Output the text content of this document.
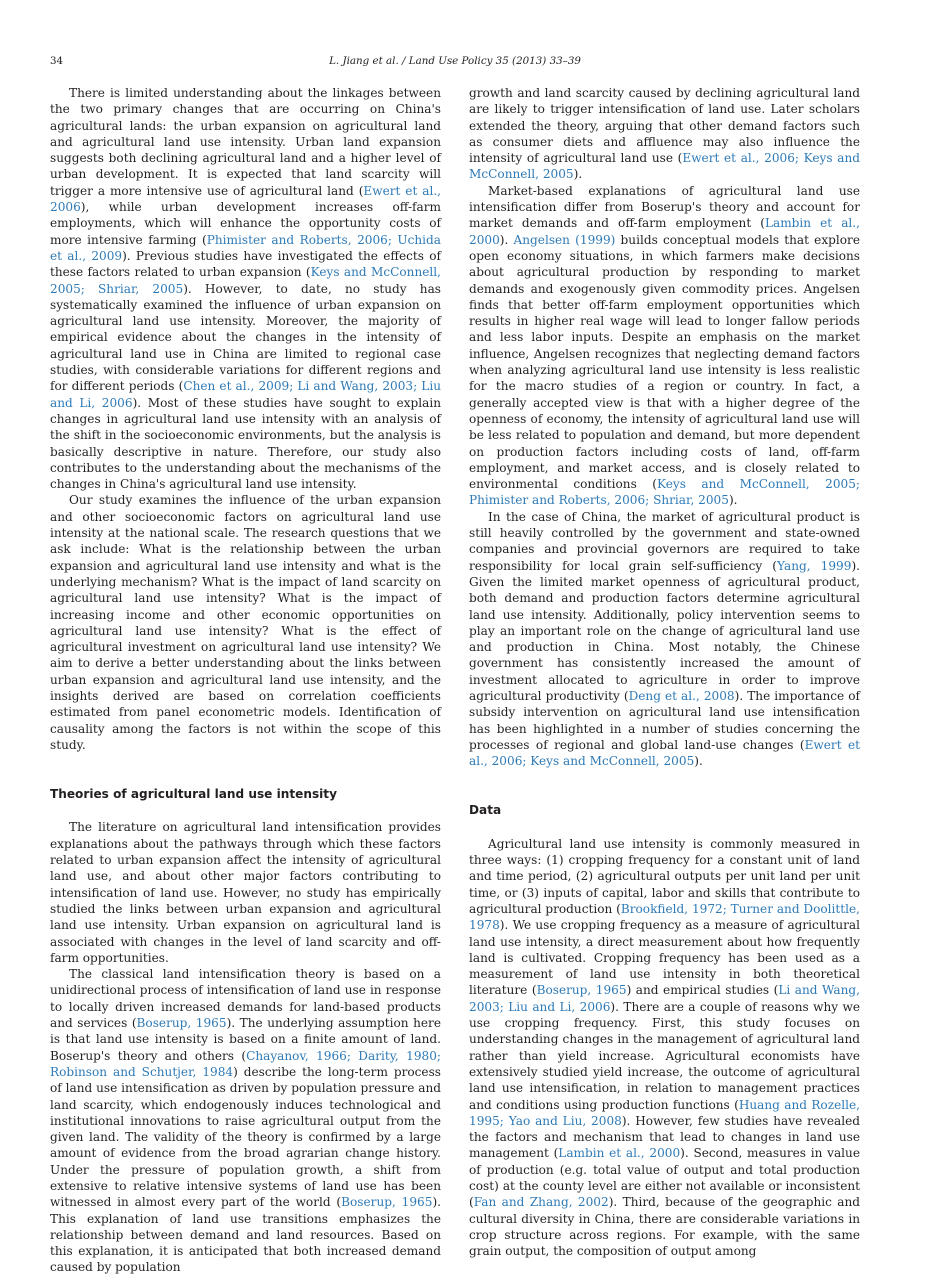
34	L. Jiang et al. / Land Use Policy 35 (2013) 33–39

There is limited understanding about the linkages between the two primary changes that are occurring on China's agricultural lands: the urban expansion on agricultural land and agricultural land use intensity. Urban land expansion suggests both declining agricultural land and a higher level of urban development. It is expected that land scarcity will trigger a more intensive use of agricultural land (Ewert et al., 2006), while urban development increases off-farm employments, which will enhance the opportunity costs of more intensive farming (Phimister and Roberts, 2006; Uchida et al., 2009). Previous studies have investigated the effects of these factors related to urban expansion (Keys and McConnell, 2005; Shriar, 2005). However, to date, no study has systematically examined the influence of urban expansion on agricultural land use intensity. Moreover, the majority of empirical evidence about the changes in the intensity of agricultural land use in China are limited to regional case studies, with considerable variations for different regions and for different periods (Chen et al., 2009; Li and Wang, 2003; Liu and Li, 2006). Most of these studies have sought to explain changes in agricultural land use intensity with an analysis of the shift in the socioeconomic environments, but the analysis is basically descriptive in nature. Therefore, our study also contributes to the understanding about the mechanisms of the changes in China's agricultural land use intensity.

Our study examines the influence of the urban expansion and other socioeconomic factors on agricultural land use intensity at the national scale. The research questions that we ask include: What is the relationship between the urban expansion and agricultural land use intensity and what is the underlying mechanism? What is the impact of land scarcity on agricultural land use intensity? What is the impact of increasing income and other economic opportunities on agricultural land use intensity? What is the effect of agricultural investment on agricultural land use intensity? We aim to derive a better understanding about the links between urban expansion and agricultural land use intensity, and the insights derived are based on correlation coefficients estimated from panel econometric models. Identification of causality among the factors is not within the scope of this study.

Theories of agricultural land use intensity

The literature on agricultural land intensification provides explanations about the pathways through which these factors related to urban expansion affect the intensity of agricultural land use, and about other major factors contributing to intensification of land use. However, no study has empirically studied the links between urban expansion and agricultural land use intensity. Urban expansion on agricultural land is associated with changes in the level of land scarcity and off-farm opportunities.

The classical land intensification theory is based on a unidirectional process of intensification of land use in response to locally driven increased demands for land-based products and services (Boserup, 1965). The underlying assumption here is that land use intensity is based on a finite amount of land. Boserup's theory and others (Chayanov, 1966; Darity, 1980; Robinson and Schutjer, 1984) describe the long-term process of land use intensification as driven by population pressure and land scarcity, which endogenously induces technological and institutional innovations to raise agricultural output from the given land. The validity of the theory is confirmed by a large amount of evidence from the broad agrarian change history. Under the pressure of population growth, a shift from extensive to relative intensive systems of land use has been witnessed in almost every part of the world (Boserup, 1965). This explanation of land use transitions emphasizes the relationship between demand and land resources. Based on this explanation, it is anticipated that both increased demand caused by population

growth and land scarcity caused by declining agricultural land are likely to trigger intensification of land use. Later scholars extended the theory, arguing that other demand factors such as consumer diets and affluence may also influence the intensity of agricultural land use (Ewert et al., 2006; Keys and McConnell, 2005).

Market-based explanations of agricultural land use intensification differ from Boserup's theory and account for market demands and off-farm employment (Lambin et al., 2000). Angelsen (1999) builds conceptual models that explore open economy situations, in which farmers make decisions about agricultural production by responding to market demands and exogenously given commodity prices. Angelsen finds that better off-farm employment opportunities which results in higher real wage will lead to longer fallow periods and less labor inputs. Despite an emphasis on the market influence, Angelsen recognizes that neglecting demand factors when analyzing agricultural land use intensity is less realistic for the macro studies of a region or country. In fact, a generally accepted view is that with a higher degree of the openness of economy, the intensity of agricultural land use will be less related to population and demand, but more dependent on production factors including costs of land, off-farm employment, and market access, and is closely related to environmental conditions (Keys and McConnell, 2005; Phimister and Roberts, 2006; Shriar, 2005).

In the case of China, the market of agricultural product is still heavily controlled by the government and state-owned companies and provincial governors are required to take responsibility for local grain self-sufficiency (Yang, 1999). Given the limited market openness of agricultural product, both demand and production factors determine agricultural land use intensity. Additionally, policy intervention seems to play an important role on the change of agricultural land use and production in China. Most notably, the Chinese government has consistently increased the amount of investment allocated to agriculture in order to improve agricultural productivity (Deng et al., 2008). The importance of subsidy intervention on agricultural land use intensification has been highlighted in a number of studies concerning the processes of regional and global land-use changes (Ewert et al., 2006; Keys and McConnell, 2005).

Data

Agricultural land use intensity is commonly measured in three ways: (1) cropping frequency for a constant unit of land and time period, (2) agricultural outputs per unit land per unit time, or (3) inputs of capital, labor and skills that contribute to agricultural production (Brookfield, 1972; Turner and Doolittle, 1978). We use cropping frequency as a measure of agricultural land use intensity, a direct measurement about how frequently land is cultivated. Cropping frequency has been used as a measurement of land use intensity in both theoretical literature (Boserup, 1965) and empirical studies (Li and Wang, 2003; Liu and Li, 2006). There are a couple of reasons why we use cropping frequency. First, this study focuses on understanding changes in the management of agricultural land rather than yield increase. Agricultural economists have extensively studied yield increase, the outcome of agricultural land use intensification, in relation to management practices and conditions using production functions (Huang and Rozelle, 1995; Yao and Liu, 2008). However, few studies have revealed the factors and mechanism that lead to changes in land use management (Lambin et al., 2000). Second, measures in value of production (e.g. total value of output and total production cost) at the county level are either not available or inconsistent (Fan and Zhang, 2002). Third, because of the geographic and cultural diversity in China, there are considerable variations in crop structure across regions. For example, with the same grain output, the composition of output among
